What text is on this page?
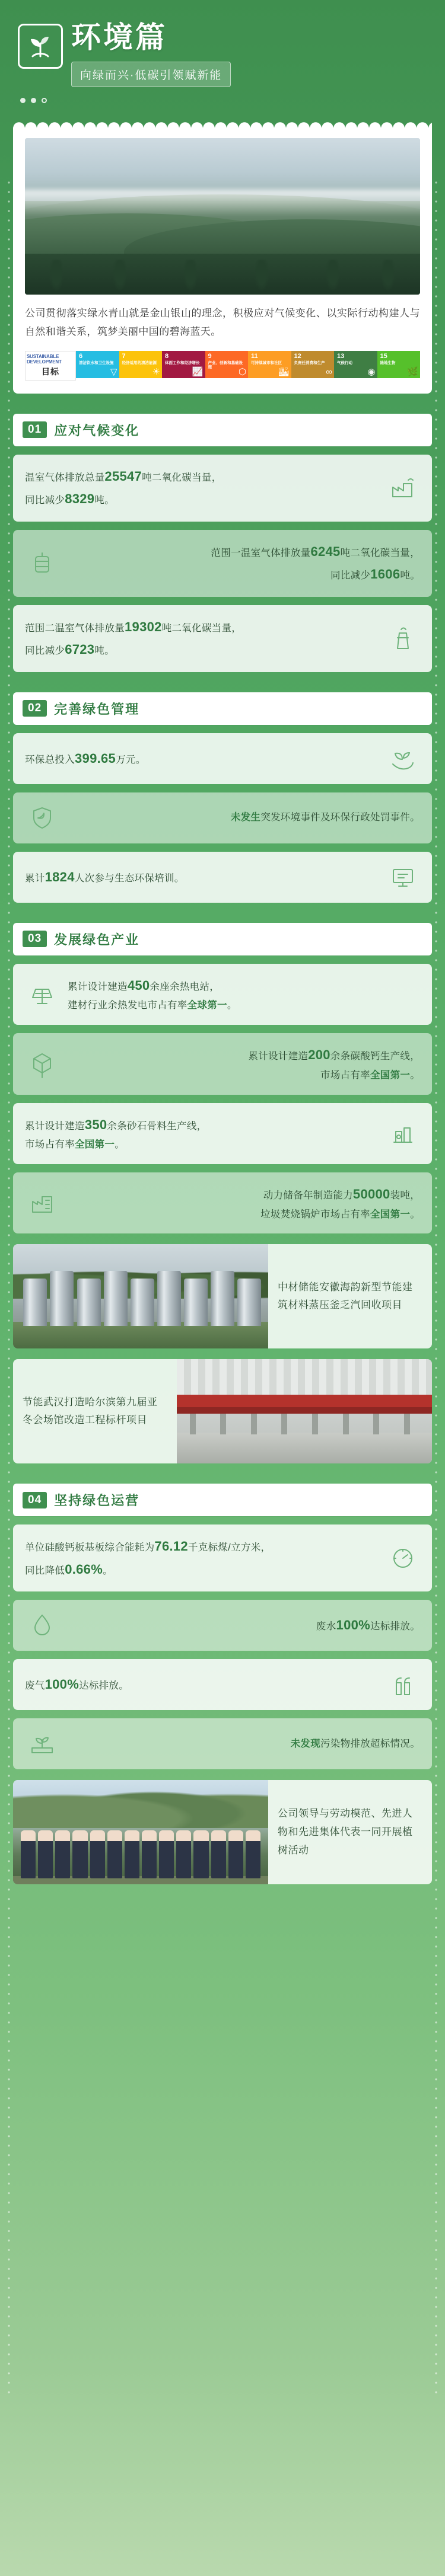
环境篇
向绿而兴·低碳引领赋新能
公司贯彻落实绿水青山就是金山银山的理念，积极应对气候变化、以实际行动构建人与自然和谐关系，筑梦美丽中国的碧海蓝天。
SUSTAINABLE DEVELOPMENT
目标
6
清洁饮水和卫生设施
▽
7
经济适用的清洁能源
☀
8
体面工作和经济增长
📈
9
产业、创新和基础设施	⬡
11
可持续城市和社区
🏙
12
负责任消费和生产
∞
13
气候行动
◉
15
陆地生物
🌿
01 应对气候变化
温室气体排放总量25547吨二氧化碳当量，
同比减少8329吨。
范围一温室气体排放量6245吨二氧化碳当量，
同比减少1606吨。
范围二温室气体排放量19302吨二氧化碳当量，
同比减少6723吨。
02 完善绿色管理
环保总投入399.65万元。
未发生突发环境事件及环保行政处罚事件。
累计1824人次参与生态环保培训。
03 发展绿色产业
累计设计建造450余座余热电站，
建材行业余热发电市占有率全球第一。
累计设计建造200余条碳酸钙生产线，
市场占有率全国第一。
累计设计建造350余条砂石骨料生产线，
市场占有率全国第一。
动力储备年制造能力50000装吨，
垃圾焚烧锅炉市场占有率全国第一。
中材储能安徽海韵新型节能建筑材料蒸压釜乏汽回收项目
节能武汉打造哈尔滨第九届亚冬会场馆改造工程标杆项目
04 坚持绿色运营
单位硅酸钙板基板综合能耗为76.12千克标煤/立方米，
同比降低0.66%。
废水100%达标排放。
废气100%达标排放。
未发现污染物排放超标情况。
公司领导与劳动模范、先进人物和先进集体代表一同开展植树活动
